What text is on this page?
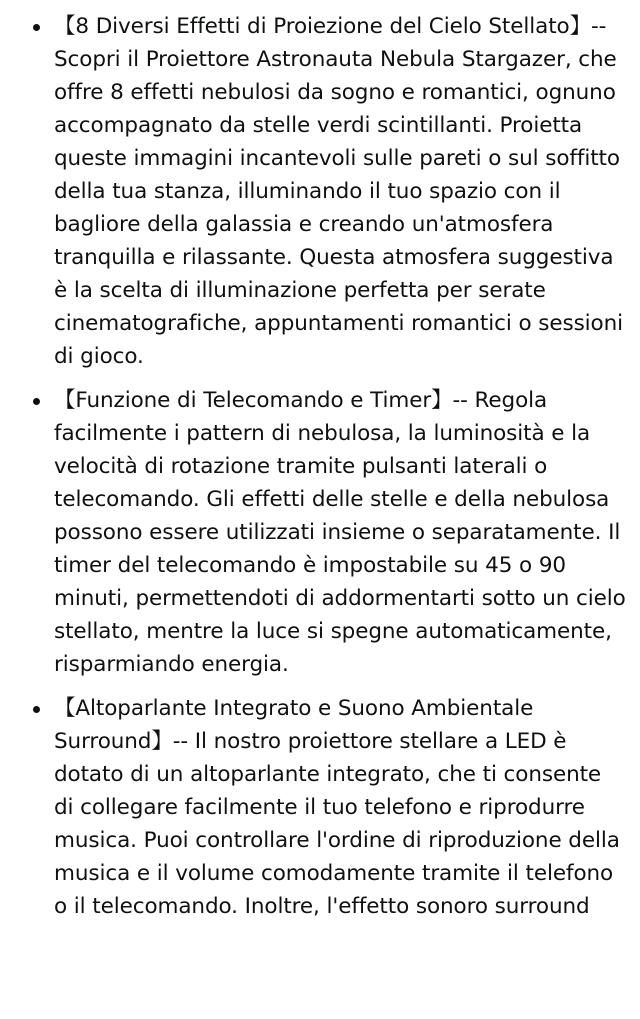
【8 Diversi Effetti di Proiezione del Cielo Stellato】-- Scopri il Proiettore Astronauta Nebula Stargazer, che offre 8 effetti nebulosi da sogno e romantici, ognuno accompagnato da stelle verdi scintillanti. Proietta queste immagini incantevoli sulle pareti o sul soffitto della tua stanza, illuminando il tuo spazio con il bagliore della galassia e creando un'atmosfera tranquilla e rilassante. Questa atmosfera suggestiva è la scelta di illuminazione perfetta per serate cinematografiche, appuntamenti romantici o sessioni di gioco.
【Funzione di Telecomando e Timer】-- Regola facilmente i pattern di nebulosa, la luminosità e la velocità di rotazione tramite pulsanti laterali o telecomando. Gli effetti delle stelle e della nebulosa possono essere utilizzati insieme o separatamente. Il timer del telecomando è impostabile su 45 o 90 minuti, permettendoti di addormentarti sotto un cielo stellato, mentre la luce si spegne automaticamente, risparmiando energia.
【Altoparlante Integrato e Suono Ambientale Surround】-- Il nostro proiettore stellare a LED è dotato di un altoparlante integrato, che ti consente di collegare facilmente il tuo telefono e riprodurre musica. Puoi controllare l'ordine di riproduzione della musica e il volume comodamente tramite il telefono o il telecomando. Inoltre, l'effetto sonoro surround
